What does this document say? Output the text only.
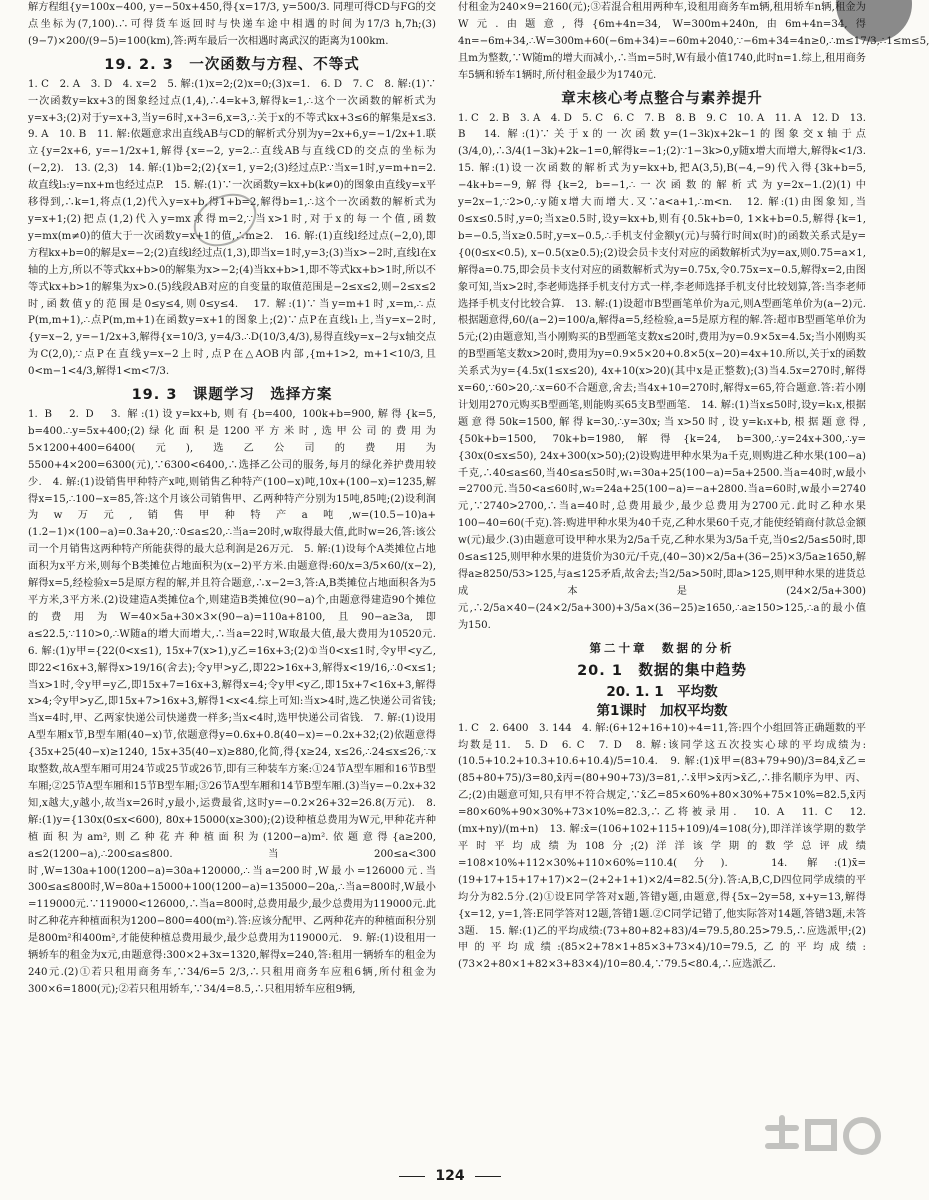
解方程组{y=100x−400, y=−50x+450,得{x=17/3, y=500/3. 同理可得CD与FG的交点坐标为(7,100).∴可得货车返回时与快递车途中相遇的时间为17/3 h,7h;(3)(9−7)×200/(9−5)=100(km),答:两车最后一次相遇时离武汉的距离为100km.

19. 2. 3　一次函数与方程、不等式

1. C　2. A　3. D　4. x=2　5. 解:(1)x=2;(2)x=0;(3)x=1.　6. D　7. C　8. 解:(1)∵一次函数y=kx+3的图象经过点(1,4),∴4=k+3,解得k=1,∴这个一次函数的解析式为y=x+3;(2)对于y=x+3,当y=6时,x+3=6,x=3,∴关于x的不等式kx+3≤6的解集是x≤3.　9. A　10. B　11. 解:依题意求出直线AB与CD的解析式分别为y=2x+6,y=−1/2x+1.联立{y=2x+6, y=−1/2x+1,解得{x=−2, y=2.∴直线AB与直线CD的交点的坐标为(−2,2).　13. (2,3)　14. 解:(1)b=2;(2){x=1, y=2;(3)经过点P.∵当x=1时,y=m+n=2.故直线l₃:y=nx+m也经过点P.　15. 解:(1)∵一次函数y=kx+b(k≠0)的图象由直线y=x平移得到,∴k=1,将点(1,2)代入y=x+b,得1+b=2,解得b=1,∴这个一次函数的解析式为y=x+1;(2)把点(1,2)代入y=mx求得m=2,∵当x>1时,对于x的每一个值,函数y=mx(m≠0)的值大于一次函数y=x+1的值,∴m≥2.　16. 解:(1)直线l经过点(−2,0),即方程kx+b=0的解是x=−2;(2)直线l经过点(1,3),即当x=1时,y=3;(3)当x>−2时,直线l在x轴的上方,所以不等式kx+b>0的解集为x>−2;(4)当kx+b>1,即不等式kx+b>1时,所以不等式kx+b>1的解集为x>0.(5)线段AB对应的自变量的取值范围是−2≤x≤2,则−2≤x≤2时,函数值y的范围是0≤y≤4,则0≤y≤4.　17. 解:(1)∵当y=m+1时,x=m,∴点P(m,m+1),∴点P(m,m+1)在函数y=x+1的图象上;(2)∵点P在直线l₁上,当y=x−2时,{y=x−2, y=−1/2x+3,解得{x=10/3, y=4/3.∴D(10/3,4/3),易得直线y=x−2与x轴交点为C(2,0),∵点P在直线y=x−2上时,点P在△AOB内部,{m+1>2, m+1<10/3,且0<m−1<4/3,解得1<m<7/3.

19. 3　课题学习　选择方案

1. B　2. D　3. 解:(1)设y=kx+b,则有{b=400, 100k+b=900,解得{k=5, b=400.∴y=5x+400;(2)绿化面积是1200平方米时,选甲公司的费用为5×1200+400=6400(元),选乙公司的费用为5500+4×200=6300(元),∵6300<6400,∴选择乙公司的服务,每月的绿化养护费用较少.　4. 解:(1)设销售甲种特产x吨,则销售乙种特产(100−x)吨,10x+(100−x)=1235,解得x=15,∴100−x=85,答:这个月该公司销售甲、乙两种特产分别为15吨,85吨;(2)设利润为w万元,销售甲种特产a吨,w=(10.5−10)a+(1.2−1)×(100−a)=0.3a+20,∵0≤a≤20,∴当a=20时,w取得最大值,此时w=26,答:该公司一个月销售这两种特产所能获得的最大总利润是26万元.　5. 解:(1)设每个A类摊位占地面积为x平方米,则每个B类摊位占地面积为(x−2)平方米.由题意得:60/x=3/5×60/(x−2),解得x=5,经检验x=5是原方程的解,并且符合题意,∴x−2=3,答:A,B类摊位占地面积各为5平方米,3平方米.(2)设建造A类摊位a个,则建造B类摊位(90−a)个,由题意得建造90个摊位的费用为W=40×5a+30×3×(90−a)=110a+8100,且90−a≥3a,即a≤22.5,∵110>0,∴W随a的增大而增大,∴当a=22时,W取最大值,最大费用为10520元.　6. 解:(1)y甲={22(0<x≤1), 15x+7(x>1),y乙=16x+3;(2)①当0<x≤1时,令y甲<y乙,即22<16x+3,解得x>19/16(舍去);令y甲>y乙,即22>16x+3,解得x<19/16,∴0<x≤1;当x>1时,令y甲=y乙,即15x+7=16x+3,解得x=4;令y甲<y乙,即15x+7<16x+3,解得x>4;令y甲>y乙,即15x+7>16x+3,解得1<x<4.综上可知:当x>4时,选乙快递公司省钱;当x=4时,甲、乙两家快递公司快递费一样多;当x<4时,选甲快递公司省钱.　7. 解:(1)设用A型车厢x节,B型车厢(40−x)节,依题意得y=0.6x+0.8(40−x)=−0.2x+32;(2)依题意得{35x+25(40−x)≥1240, 15x+35(40−x)≥880,化简,得{x≥24, x≤26,∴24≤x≤26,∵x取整数,故A型车厢可用24节或25节或26节,即有三种装车方案:①24节A型车厢和16节B型车厢;②25节A型车厢和15节B型车厢;③26节A型车厢和14节B型车厢.(3)当y=−0.2x+32知,x越大,y越小,故当x=26时,y最小,运费最省,这时y=−0.2×26+32=26.8(万元).　8. 解:(1)y={130x(0≤x<600), 80x+15000(x≥300);(2)设种植总费用为W元,甲种花卉种植面积为am²,则乙种花卉种植面积为(1200−a)m².依题意得{a≥200, a≤2(1200−a),∴200≤a≤800.当200≤a<300时,W=130a+100(1200−a)=30a+120000,∴当a=200时,W最小=126000元.当300≤a≤800时,W=80a+15000+100(1200−a)=135000−20a,∴当a=800时,W最小=119000元.∵119000<126000,∴当a=800时,总费用最少,最少总费用为119000元.此时乙种花卉种植面积为1200−800=400(m²).答:应该分配甲、乙两种花卉的种植面积分别是800m²和400m²,才能使种植总费用最少,最少总费用为119000元.　9. 解:(1)设租用一辆轿车的租金为x元,由题意得:300×2+3x=1320,解得x=240,答:租用一辆轿车的租金为240元.(2)①若只租用商务车,∵34/6=5 2/3,∴只租用商务车应租6辆,所付租金为300×6=1800(元);②若只租用轿车,∵34/4=8.5,∴只租用轿车应租9辆,

付租金为240×9=2160(元);③若混合租用两种车,设租用商务车m辆,租用轿车n辆,租金为W元.由题意,得{6m+4n=34, W=300m+240n,由6m+4n=34,得4n=−6m+34,∴W=300m+60(−6m+34)=−60m+2040,∵−6m+34=4n≥0,∴m≤17/3,∴1≤m≤5,且m为整数,∵W随m的增大而减小,∴当m=5时,W有最小值1740,此时n=1.综上,租用商务车5辆和轿车1辆时,所付租金最少为1740元.

章末核心考点整合与素养提升

1. C　2. B　3. A　4. D　5. C　6. C　7. B　8. B　9. C　10. A　11. A　12. D　13. B　14. 解:(1)∵关于x的一次函数y=(1−3k)x+2k−1的图象交x轴于点(3/4,0),∴3/4(1−3k)+2k−1=0,解得k=−1;(2)∵1−3k>0,y随x增大而增大,解得k<1/3.　15. 解:(1)设一次函数的解析式为y=kx+b,把A(3,5),B(−4,−9)代入得{3k+b=5, −4k+b=−9,解得{k=2, b=−1,∴一次函数的解析式为y=2x−1.(2)(1)中y=2x−1,∵2>0,∴y随x增大而增大.又∵a<a+1,∴m<n.　12. 解:(1)由图象知,当0≤x≤0.5时,y=0;当x≥0.5时,设y=kx+b,则有{0.5k+b=0, 1×k+b=0.5,解得{k=1, b=−0.5,当x≥0.5时,y=x−0.5,∴手机支付金额y(元)与骑行时间x(时)的函数关系式是y={0(0≤x<0.5), x−0.5(x≥0.5);(2)设会员卡支付对应的函数解析式为y=ax,则0.75=a×1,解得a=0.75,即会员卡支付对应的函数解析式为y=0.75x,令0.75x=x−0.5,解得x=2,由图象可知,当x>2时,李老师选择手机支付方式一样,李老师选择手机支付比较划算,答:当李老师选择手机支付比较合算.　13. 解:(1)设超市B型画笔单价为a元,则A型画笔单价为(a−2)元.根据题意得,60/(a−2)=100/a,解得a=5,经检验,a=5是原方程的解.答:超市B型画笔单价为5元;(2)由题意知,当小刚购买的B型画笔支数x≤20时,费用为y=0.9×5x=4.5x;当小刚购买的B型画笔支数x>20时,费用为y=0.9×5×20+0.8×5(x−20)=4x+10.所以,关于x的函数关系式为y={4.5x(1≤x≤20), 4x+10(x>20)(其中x是正整数);(3)当4.5x=270时,解得x=60,∵60>20,∴x=60不合题意,舍去;当4x+10=270时,解得x=65,符合题意.答:若小刚计划用270元购买B型画笔,则能购买65支B型画笔.　14. 解:(1)当x≤50时,设y=k₁x,根据题意得50k=1500,解得k=30,∴y=30x;当x>50时,设y=k₁x+b,根据题意得,{50k+b=1500, 70k+b=1980,解得{k=24, b=300,∴y=24x+300,∴y={30x(0≤x≤50), 24x+300(x>50);(2)设购进甲种水果为a千克,则购进乙种水果(100−a)千克,∴40≤a≤60,当40≤a≤50时,w₁=30a+25(100−a)=5a+2500.当a=40时,w最小=2700元.当50<a≤60时,w₂=24a+25(100−a)=−a+2800.当a=60时,w最小=2740元,∵2740>2700,∴当a=40时,总费用最少,最少总费用为2700元.此时乙种水果100−40=60(千克).答:购进甲种水果为40千克,乙种水果60千克,才能使经销商付款总金额w(元)最少.(3)由题意可设甲种水果为2/5a千克,乙种水果为3/5a千克,当0≤2/5a≤50时,即0≤a≤125,则甲种水果的进货价为30元/千克,(40−30)×2/5a+(36−25)×3/5a≥1650,解得a≥8250/53>125,与a≤125矛盾,故舍去;当2/5a>50时,即a>125,则甲种水果的进货总成本是(24×2/5a+300)元,∴2/5a×40−(24×2/5a+300)+3/5a×(36−25)≥1650,∴a≥150>125,∴a的最小值为150.

第二十章　数据的分析
20. 1　数据的集中趋势
20. 1. 1　平均数
第1课时　加权平均数

1. C　2. 6400　3. 144　4. 解:(6+12+16+10)÷4=11,答:四个小组回答正确题数的平均数是11.　5. D　6. C　7. D　8. 解:该同学这五次投实心球的平均成绩为:(10.5+10.2+10.3+10.6+10.4)/5=10.4.　9. 解:(1)x̄甲=(83+79+90)/3=84,x̄乙=(85+80+75)/3=80,x̄丙=(80+90+73)/3=81,∴x̄甲>x̄丙>x̄乙,∴排名顺序为甲、丙、乙;(2)由题意可知,只有甲不符合规定,∵x̄乙=85×60%+80×30%+75×10%=82.5,x̄丙=80×60%+90×30%+73×10%=82.3,∴乙将被录用.　10. A　11. C　12. (mx+ny)/(m+n)　13. 解:x̄=(106+102+115+109)/4=108(分),即洋洋该学期的数学平时平均成绩为108分;(2)洋洋该学期的数学总评成绩=108×10%+112×30%+110×60%=110.4(分).　14. 解:(1)x̄=(19+17+15+17+17)×2−(2+2+1+1)×2/4=82.5(分).答:A,B,C,D四位同学成绩的平均分为82.5分.(2)①设E同学答对x题,答错y题,由题意,得{5x−2y=58, x+y=13,解得{x=12, y=1,答:E同学答对12题,答错1题.②C同学记错了,他实际答对14题,答错3题,未答3题.　15. 解:(1)乙的平均成绩:(73+80+82+83)/4=79.5,80.25>79.5,∴应选派甲;(2)甲的平均成绩:(85×2+78×1+85×3+73×4)/10=79.5,乙的平均成绩:(73×2+80×1+82×3+83×4)/10=80.4,∵79.5<80.4,∴应选派乙.

124
